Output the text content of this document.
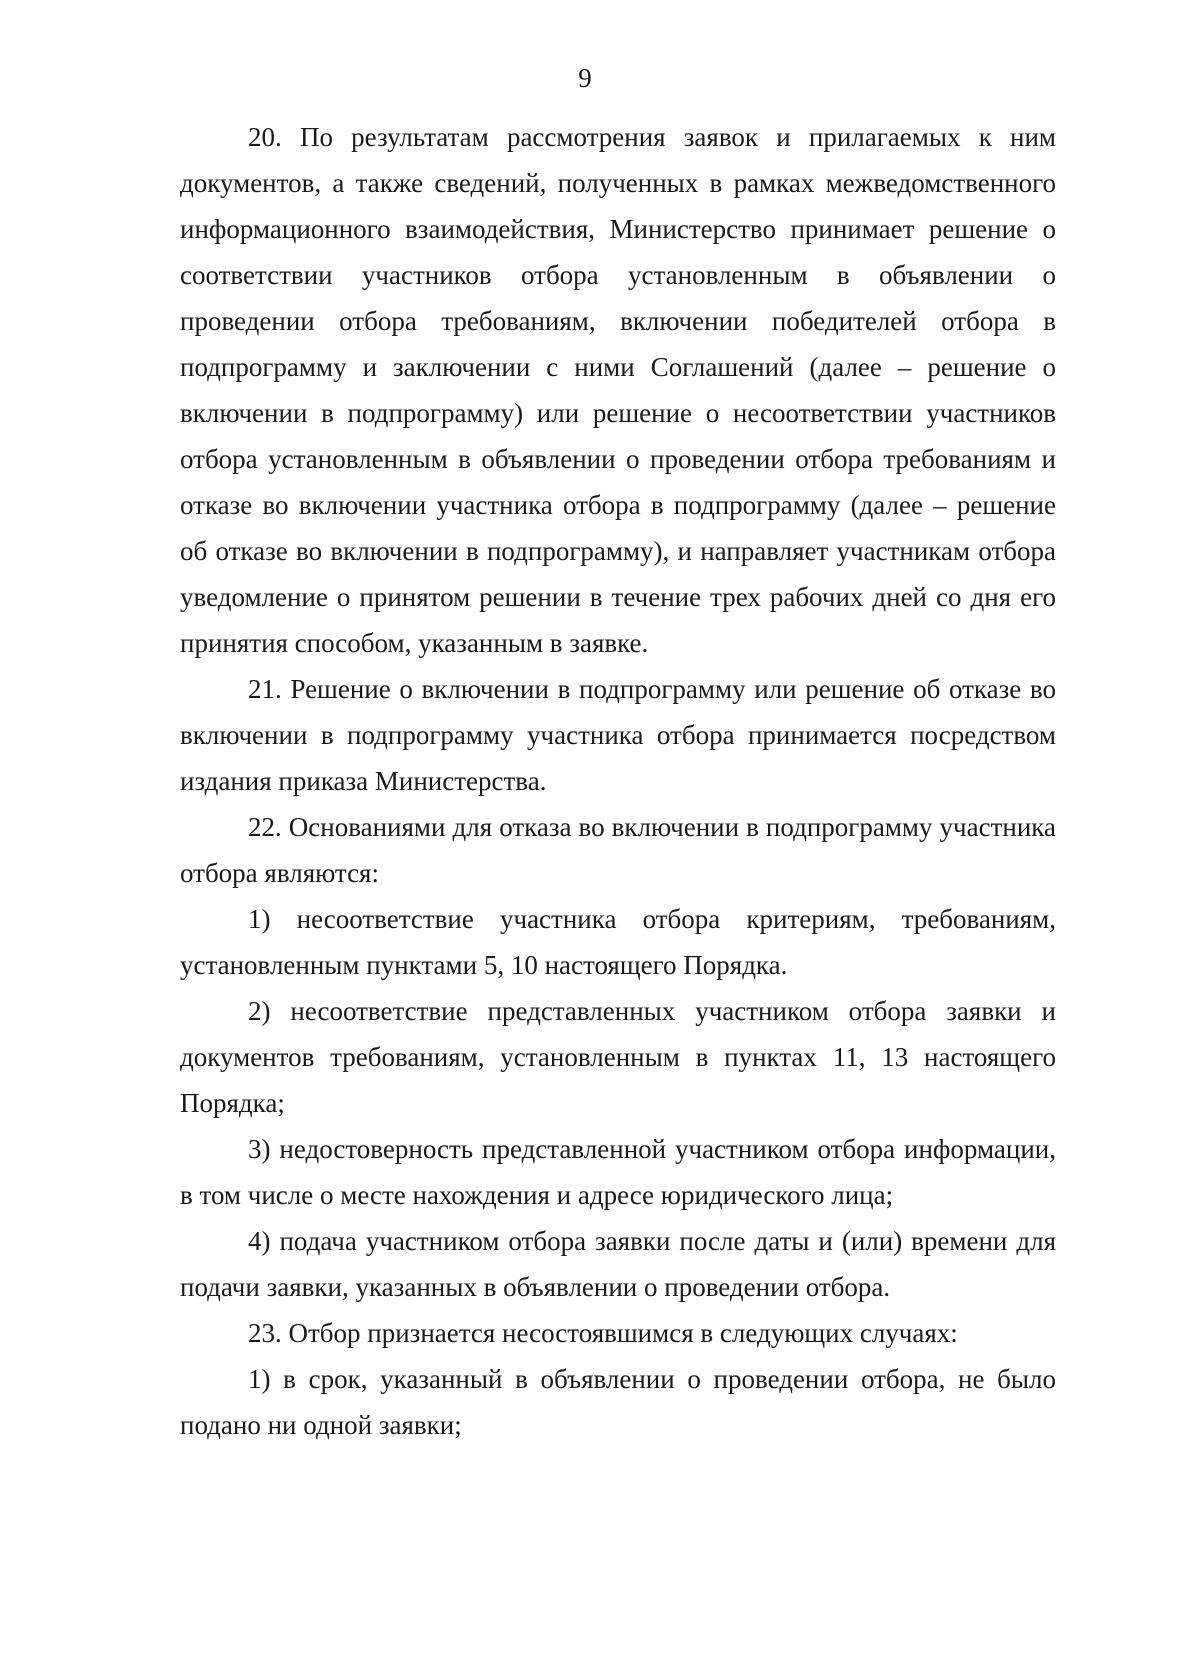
9

20. По результатам рассмотрения заявок и прилагаемых к ним документов, а также сведений, полученных в рамках межведомственного информационного взаимодействия, Министерство принимает решение о соответствии участников отбора установленным в объявлении о проведении отбора требованиям, включении победителей отбора в подпрограмму и заключении с ними Соглашений (далее – решение о включении в подпрограмму) или решение о несоответствии участников отбора установленным в объявлении о проведении отбора требованиям и отказе во включении участника отбора в подпрограмму (далее – решение об отказе во включении в подпрограмму), и направляет участникам отбора уведомление о принятом решении в течение трех рабочих дней со дня его принятия способом, указанным в заявке.

21. Решение о включении в подпрограмму или решение об отказе во включении в подпрограмму участника отбора принимается посредством издания приказа Министерства.

22. Основаниями для отказа во включении в подпрограмму участника отбора являются:

1) несоответствие участника отбора критериям, требованиям, установленным пунктами 5, 10 настоящего Порядка.

2) несоответствие представленных участником отбора заявки и документов требованиям, установленным в пунктах 11, 13 настоящего Порядка;

3) недостоверность представленной участником отбора информации, в том числе о месте нахождения и адресе юридического лица;

4) подача участником отбора заявки после даты и (или) времени для подачи заявки, указанных в объявлении о проведении отбора.

23. Отбор признается несостоявшимся в следующих случаях:

1) в срок, указанный в объявлении о проведении отбора, не было подано ни одной заявки;
